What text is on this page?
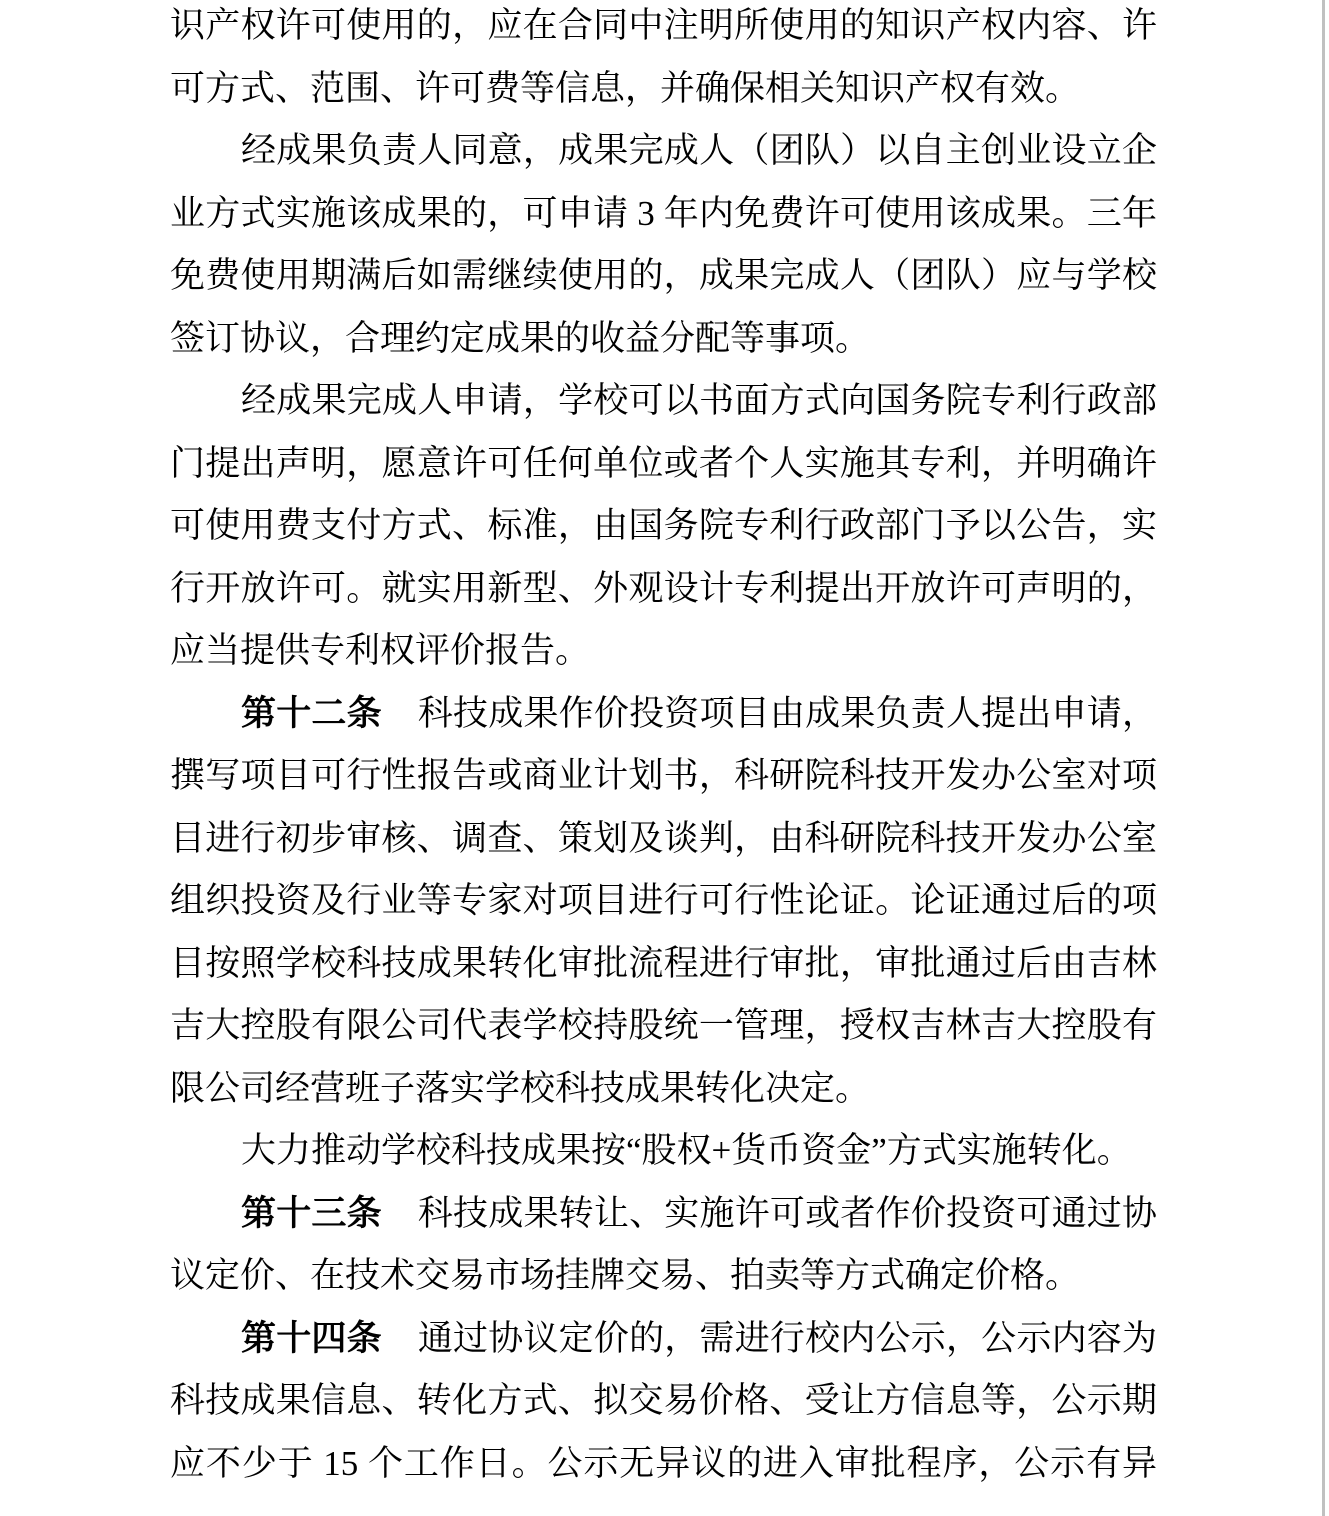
识产权许可使用的，应在合同中注明所使用的知识产权内容、许
可方式、范围、许可费等信息，并确保相关知识产权有效。
经成果负责人同意，成果完成人（团队）以自主创业设立企
业方式实施该成果的，可申请 3 年内免费许可使用该成果。三年
免费使用期满后如需继续使用的，成果完成人（团队）应与学校
签订协议，合理约定成果的收益分配等事项。
经成果完成人申请，学校可以书面方式向国务院专利行政部
门提出声明，愿意许可任何单位或者个人实施其专利，并明确许
可使用费支付方式、标准，由国务院专利行政部门予以公告，实
行开放许可。就实用新型、外观设计专利提出开放许可声明的，
应当提供专利权评价报告。
第十二条 科技成果作价投资项目由成果负责人提出申请，
撰写项目可行性报告或商业计划书，科研院科技开发办公室对项
目进行初步审核、调查、策划及谈判，由科研院科技开发办公室
组织投资及行业等专家对项目进行可行性论证。论证通过后的项
目按照学校科技成果转化审批流程进行审批，审批通过后由吉林
吉大控股有限公司代表学校持股统一管理，授权吉林吉大控股有
限公司经营班子落实学校科技成果转化决定。
大力推动学校科技成果按“股权+货币资金”方式实施转化。
第十三条 科技成果转让、实施许可或者作价投资可通过协
议定价、在技术交易市场挂牌交易、拍卖等方式确定价格。
第十四条 通过协议定价的，需进行校内公示，公示内容为
科技成果信息、转化方式、拟交易价格、受让方信息等，公示期
应不少于 15 个工作日。公示无异议的进入审批程序，公示有异
